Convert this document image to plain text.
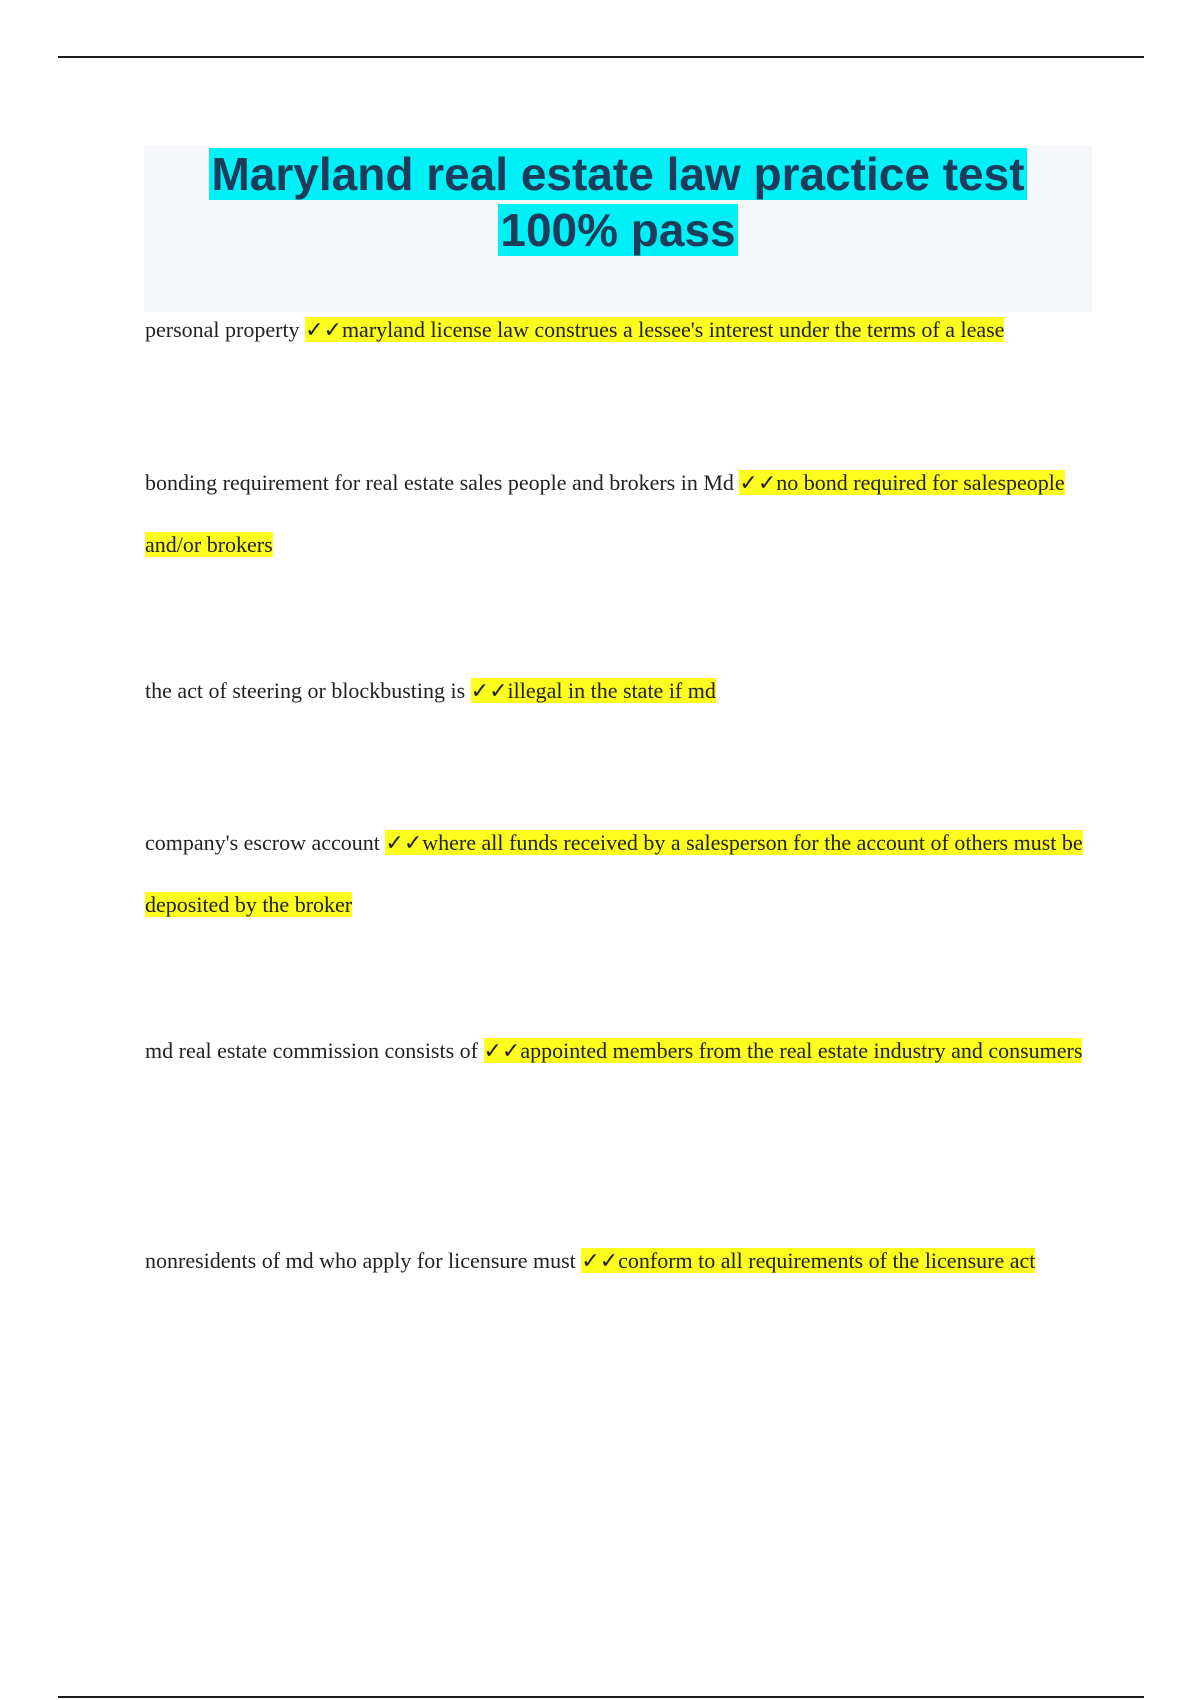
Maryland real estate law practice test
100% pass

personal property ✓✓maryland license law construes a lessee's interest under the terms of a lease

bonding requirement for real estate sales people and brokers in Md ✓✓no bond required for salespeople and/or brokers

the act of steering or blockbusting is ✓✓illegal in the state if md

company's escrow account ✓✓where all funds received by a salesperson for the account of others must be deposited by the broker

md real estate commission consists of ✓✓appointed members from the real estate industry and consumers

nonresidents of md who apply for licensure must ✓✓conform to all requirements of the licensure act
